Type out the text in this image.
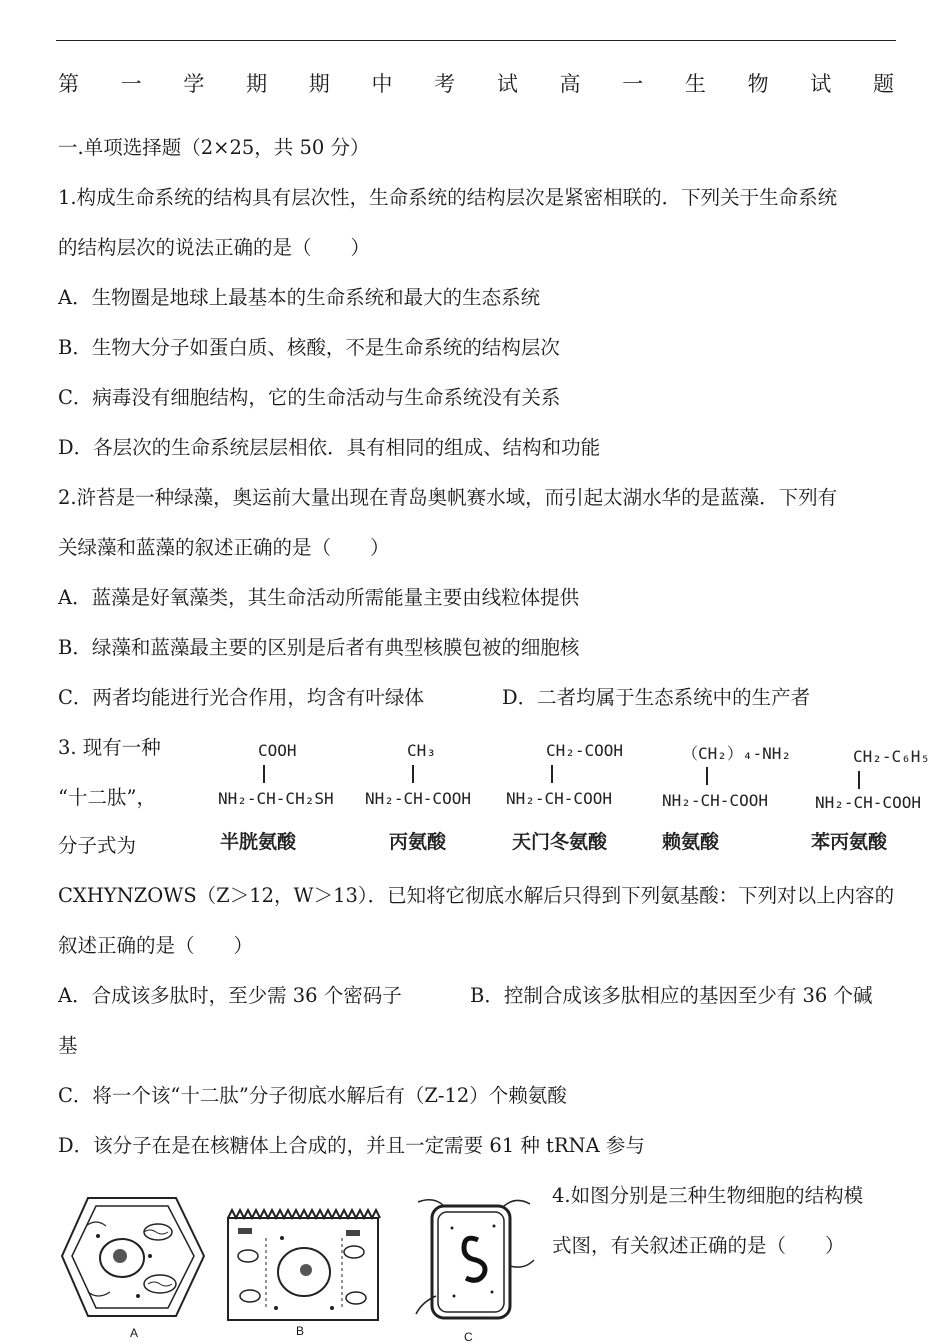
第 一 学 期 期 中 考 试 高 一 生 物 试 题
一.单项选择题（2×25，共 50 分）
1.构成生命系统的结构具有层次性，生命系统的结构层次是紧密相联的．下列关于生命系统
的结构层次的说法正确的是（　　）
A．生物圈是地球上最基本的生命系统和最大的生态系统
B．生物大分子如蛋白质、核酸，不是生命系统的结构层次
C．病毒没有细胞结构，它的生命活动与生命系统没有关系
D．各层次的生命系统层层相依．具有相同的组成、结构和功能
2.浒苔是一种绿藻，奥运前大量出现在青岛奥帆赛水域，而引起太湖水华的是蓝藻．下列有
关绿藻和蓝藻的叙述正确的是（　　）
A．蓝藻是好氧藻类，其生命活动所需能量主要由线粒体提供
B．绿藻和蓝藻最主要的区别是后者有典型核膜包被的细胞核
C．两者均能进行光合作用，均含有叶绿体	D．二者均属于生态系统中的生产者
3. 现有一种
“十二肽”，
分子式为
COOH
NH₂-CH-CH₂SH
半胱氨酸
CH₃
NH₂-CH-COOH
丙氨酸
CH₂-COOH
NH₂-CH-COOH
天门冬氨酸
（CH₂）₄-NH₂
NH₂-CH-COOH
赖氨酸
CH₂-C₆H₅
NH₂-CH-COOH
苯丙氨酸
CXHYNZOWS（Z＞12，W＞13）．已知将它彻底水解后只得到下列氨基酸：下列对以上内容的
叙述正确的是（　　）
A．合成该多肽时，至少需 36 个密码子	B．控制合成该多肽相应的基因至少有 36 个碱
基
C．将一个该“十二肽”分子彻底水解后有（Z-12）个赖氨酸
D．该分子在是在核糖体上合成的，并且一定需要 61 种 tRNA 参与
4.如图分别是三种生物细胞的结构模
式图，有关叙述正确的是（　　）
A	B	C
